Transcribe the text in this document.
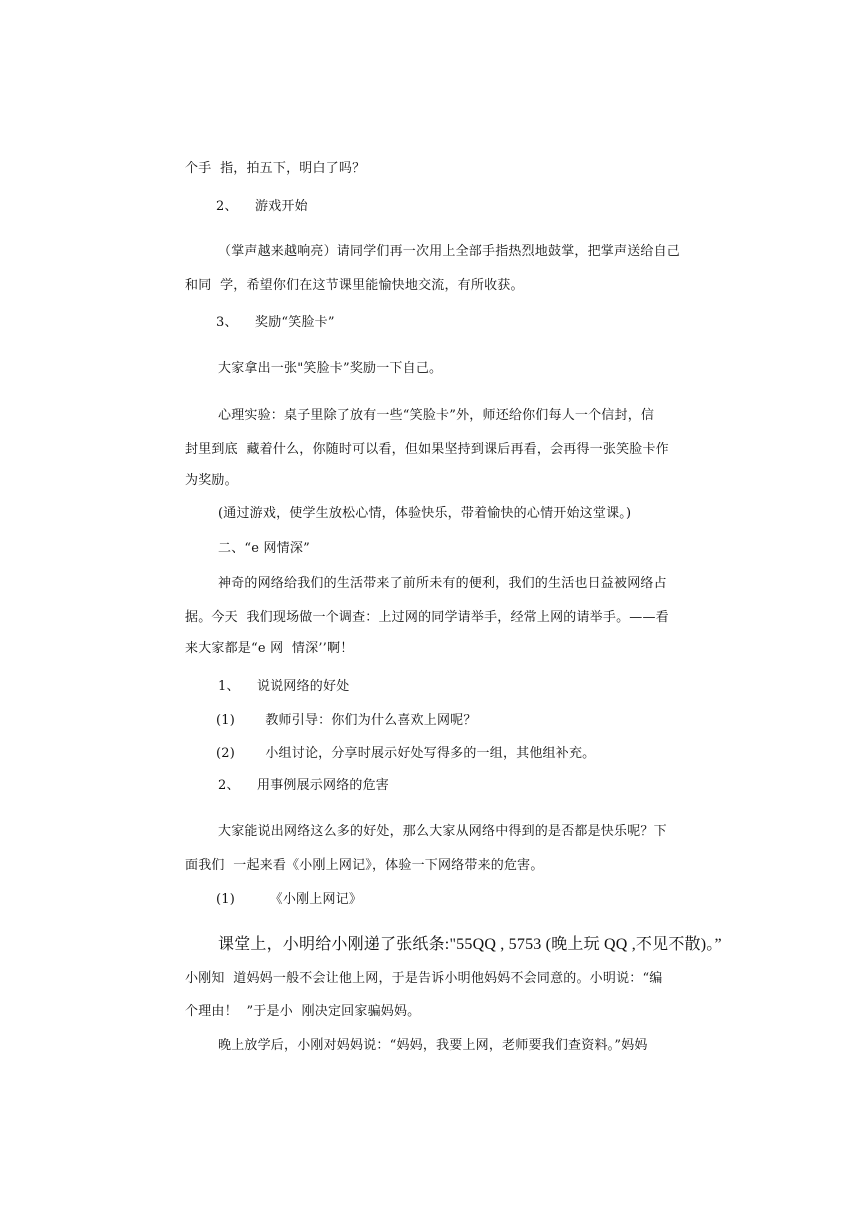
个手  指，拍五下，明白了吗？
2、    游戏开始
（掌声越来越响亮）请同学们再一次用上全部手指热烈地鼓掌，把掌声送给自己
和同  学，希望你们在这节课里能愉快地交流，有所收获。
3、    奖励“笑脸卡”
大家拿出一张"笑脸卡”奖励一下自己。
心理实验：桌子里除了放有一些“笑脸卡”外，师还给你们每人一个信封，信
封里到底  藏着什么，你随时可以看，但如果坚持到课后再看，会再得一张笑脸卡作
为奖励。
(通过游戏，使学生放松心情，体验快乐，带着愉快的心情开始这堂课。)
二、“e 网情深”
神奇的网络给我们的生活带来了前所未有的便利，我们的生活也日益被网络占
据。今天  我们现场做一个调查：上过网的同学请举手，经常上网的请举手。——看
来大家都是“e 网  情深’’啊！
1、    说说网络的好处
(1)       教师引导：你们为什么喜欢上网呢？
(2)       小组讨论，分享时展示好处写得多的一组，其他组补充。
2、    用事例展示网络的危害
大家能说出网络这么多的好处，那么大家从网络中得到的是否都是快乐呢？下
面我们  一起来看《小刚上网记》，体验一下网络带来的危害。
(1)        《小刚上网记》
课堂上，小明给小刚递了张纸条:"55QQ , 5753 (晚上玩 QQ ,不见不散)。”
小刚知  道妈妈一般不会让他上网，于是告诉小明他妈妈不会同意的。小明说：“编
个理由！  ”于是小  刚决定回家骗妈妈。
晚上放学后，小刚对妈妈说：“妈妈，我要上网，老师要我们查资料。”妈妈
